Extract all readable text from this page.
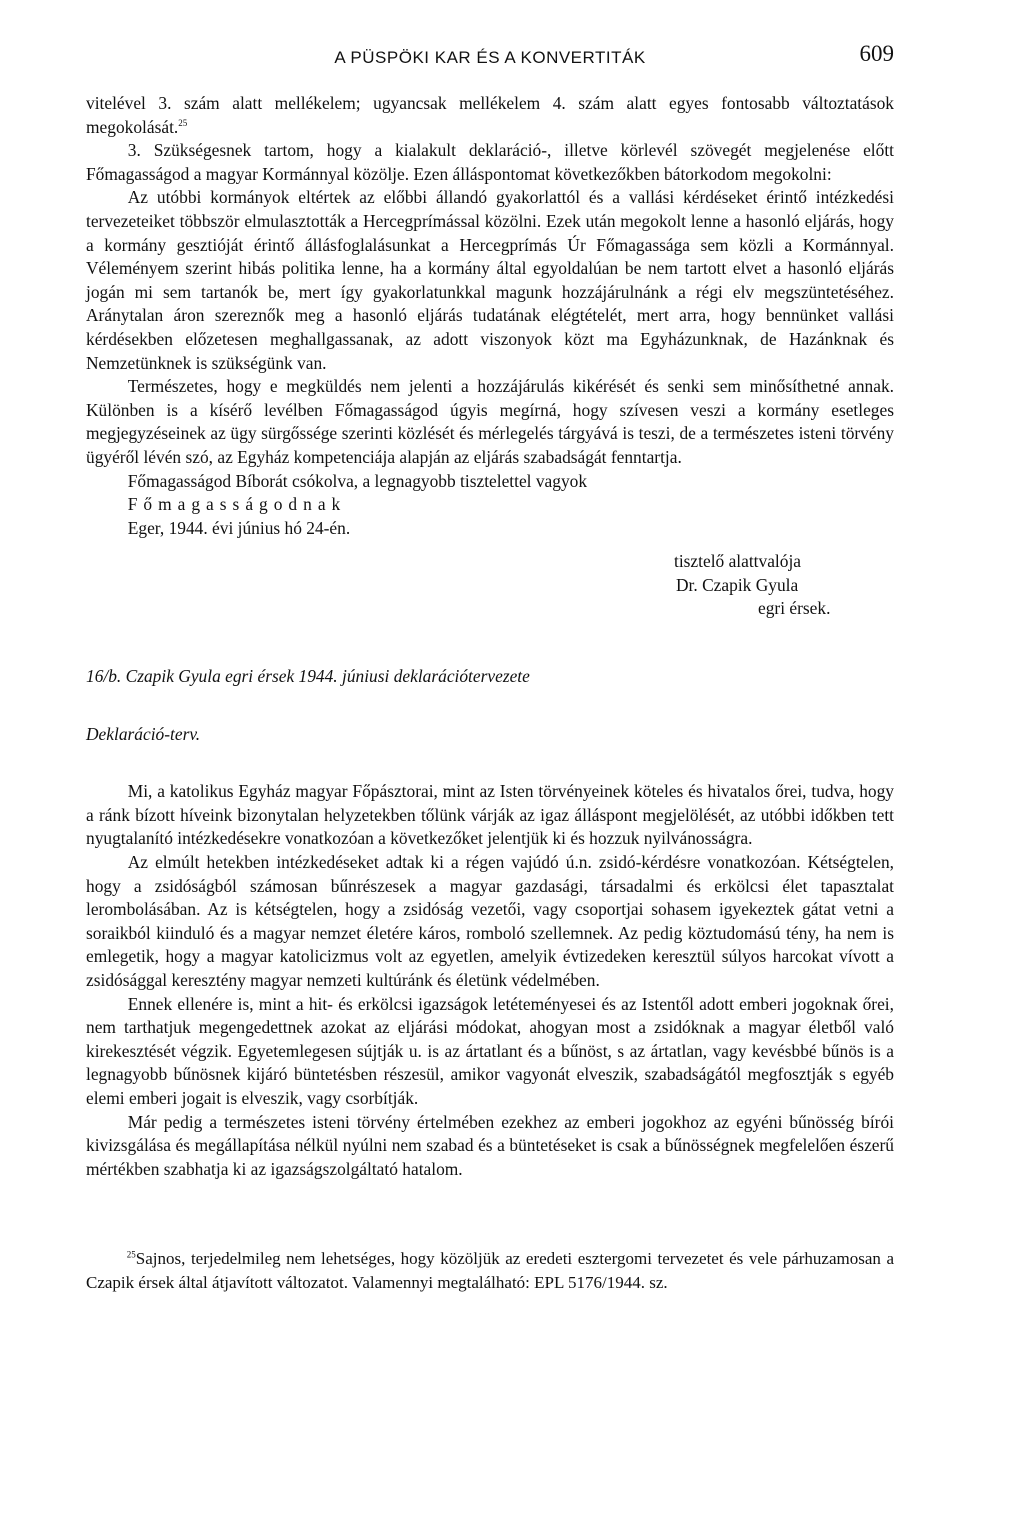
A PÜSPÖKI KAR ÉS A KONVERTITÁK	609

vitelével 3. szám alatt mellékelem; ugyancsak mellékelem 4. szám alatt egyes fontosabb változtatások megokolását.$^{25}$

3. Szükségesnek tartom, hogy a kialakult deklaráció-, illetve körlevél szövegét megjelenése előtt Főmagasságod a magyar Kormánnyal közölje. Ezen álláspontomat következőkben bátorkodom megokolni:

Az utóbbi kormányok eltértek az előbbi állandó gyakorlattól és a vallási kérdéseket érintő intézkedési tervezeteiket többször elmulasztották a Hercegprímással közölni. Ezek után megokolt lenne a hasonló eljárás, hogy a kormány gesztióját érintő állásfoglalásunkat a Hercegprímás Úr Főmagassága sem közli a Kormánnyal. Véleményem szerint hibás politika lenne, ha a kormány által egyoldalúan be nem tartott elvet a hasonló eljárás jogán mi sem tartanók be, mert így gyakorlatunkkal magunk hozzájárulnánk a régi elv megszüntetéséhez. Aránytalan áron szereznők meg a hasonló eljárás tudatának elégtételét, mert arra, hogy bennünket vallási kérdésekben előzetesen meghallgassanak, az adott viszonyok közt ma Egyházunknak, de Hazánknak és Nemzetünknek is szükségünk van.

Természetes, hogy e megküldés nem jelenti a hozzájárulás kikérését és senki sem minősíthetné annak. Különben is a kísérő levélben Főmagasságod úgyis megírná, hogy szívesen veszi a kormány esetleges megjegyzéseinek az ügy sürgőssége szerinti közlését és mérlegelés tárgyává is teszi, de a természetes isteni törvény ügyéről lévén szó, az Egyház kompetenciája alapján az eljárás szabadságát fenntartja.

Főmagasságod Bíborát csókolva, a legnagyobb tisztelettel vagyok

Főmagasságodnak

Eger, 1944. évi június hó 24-én.

tisztelő alattvalója
Dr. Czapik Gyula
egri érsek.

16/b. Czapik Gyula egri érsek 1944. júniusi deklarációtervezete

Deklaráció-terv.

Mi, a katolikus Egyház magyar Főpásztorai, mint az Isten törvényeinek köteles és hivatalos őrei, tudva, hogy a ránk bízott híveink bizonytalan helyzetekben tőlünk várják az igaz álláspont megjelölését, az utóbbi időkben tett nyugtalanító intézkedésekre vonatkozóan a következőket jelentjük ki és hozzuk nyilvánosságra.

Az elmúlt hetekben intézkedéseket adtak ki a régen vajúdó ú.n. zsidó-kérdésre vonatkozóan. Kétségtelen, hogy a zsidóságból számosan bűnrészesek a magyar gazdasági, társadalmi és erkölcsi élet tapasztalat lerombolásában. Az is kétségtelen, hogy a zsidóság vezetői, vagy csoportjai sohasem igyekeztek gátat vetni a soraikból kiinduló és a magyar nemzet életére káros, romboló szellemnek. Az pedig köztudomású tény, ha nem is emlegetik, hogy a magyar katolicizmus volt az egyetlen, amelyik évtizedeken keresztül súlyos harcokat vívott a zsidósággal keresztény magyar nemzeti kultúránk és életünk védelmében.

Ennek ellenére is, mint a hit- és erkölcsi igazságok letéteményesei és az Istentől adott emberi jogoknak őrei, nem tarthatjuk megengedettnek azokat az eljárási módokat, ahogyan most a zsidóknak a magyar életből való kirekesztését végzik. Egyetemlegesen sújtják u. is az ártatlant és a bűnöst, s az ártatlan, vagy kevésbbé bűnös is a legnagyobb bűnösnek kijáró büntetésben részesül, amikor vagyonát elveszik, szabadságától megfosztják s egyéb elemi emberi jogait is elveszik, vagy csorbítják.

Már pedig a természetes isteni törvény értelmében ezekhez az emberi jogokhoz az egyéni bűnösség bírói kivizsgálása és megállapítása nélkül nyúlni nem szabad és a büntetéseket is csak a bűnösségnek megfelelően észerű mértékben szabhatja ki az igazságszolgáltató hatalom.

$^{25}$Sajnos, terjedelmileg nem lehetséges, hogy közöljük az eredeti esztergomi tervezetet és vele párhuzamosan a Czapik érsek által átjavított változatot. Valamennyi megtalálható: EPL 5176/1944. sz.
